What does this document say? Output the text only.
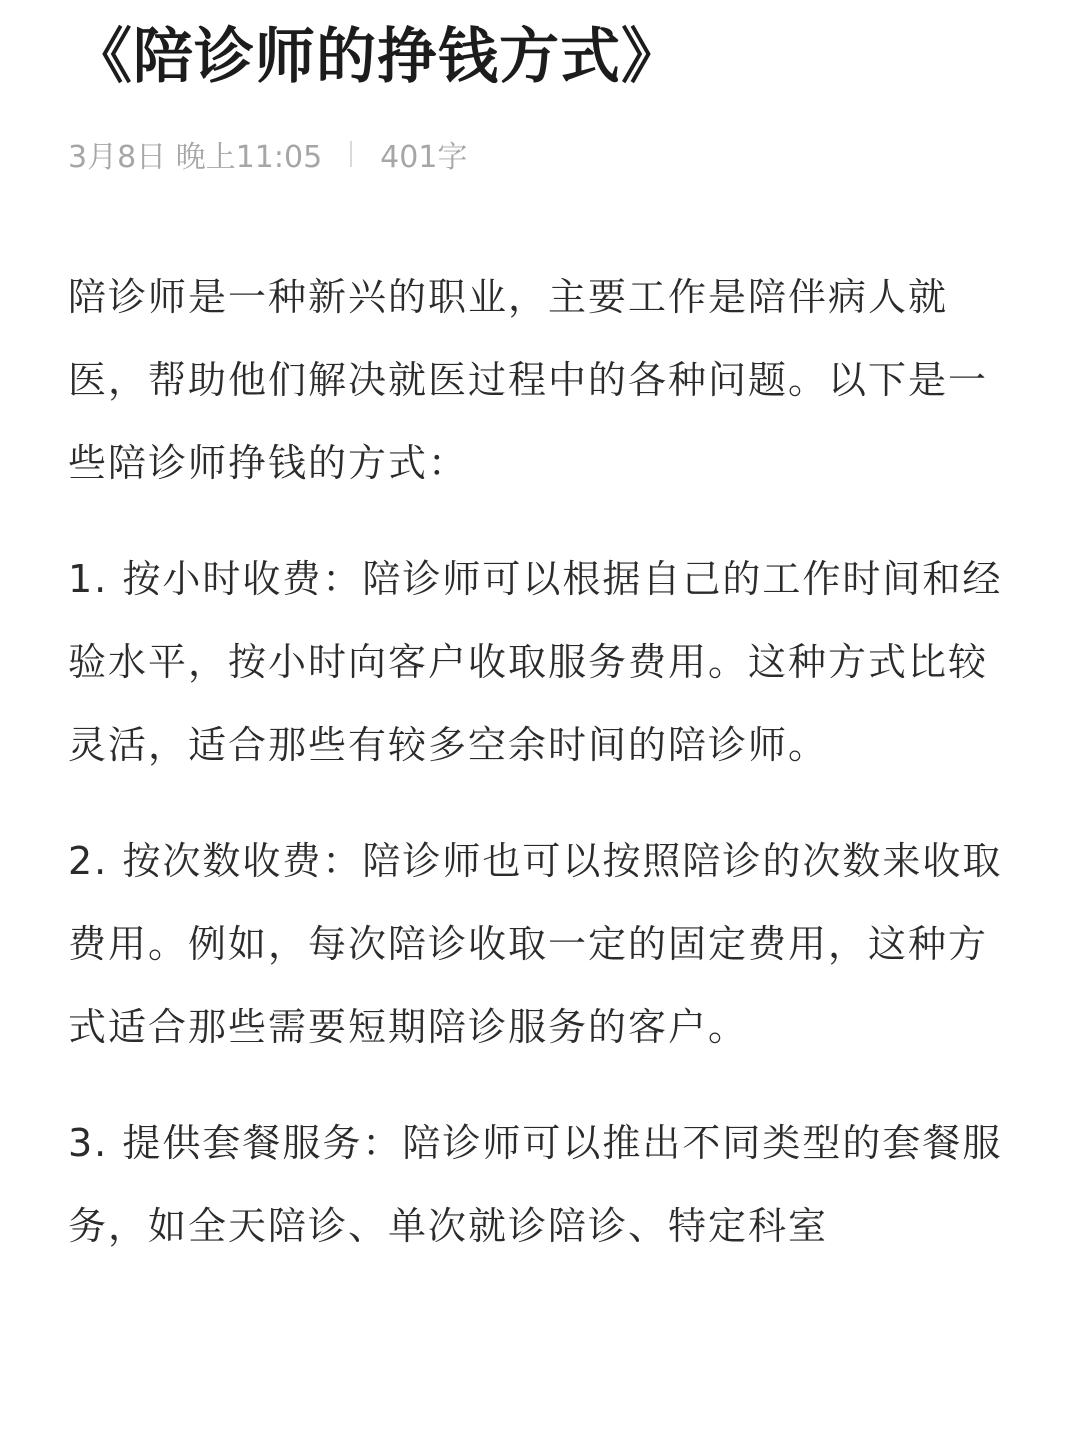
《陪诊师的挣钱方式》
3月8日 晚上11:05 401字

陪诊师是一种新兴的职业，主要工作是陪伴病人就医，帮助他们解决就医过程中的各种问题。以下是一些陪诊师挣钱的方式：

1. 按小时收费：陪诊师可以根据自己的工作时间和经验水平，按小时向客户收取服务费用。这种方式比较灵活，适合那些有较多空余时间的陪诊师。

2. 按次数收费：陪诊师也可以按照陪诊的次数来收取费用。例如，每次陪诊收取一定的固定费用，这种方式适合那些需要短期陪诊服务的客户。

3. 提供套餐服务：陪诊师可以推出不同类型的套餐服务，如全天陪诊、单次就诊陪诊、特定科室
